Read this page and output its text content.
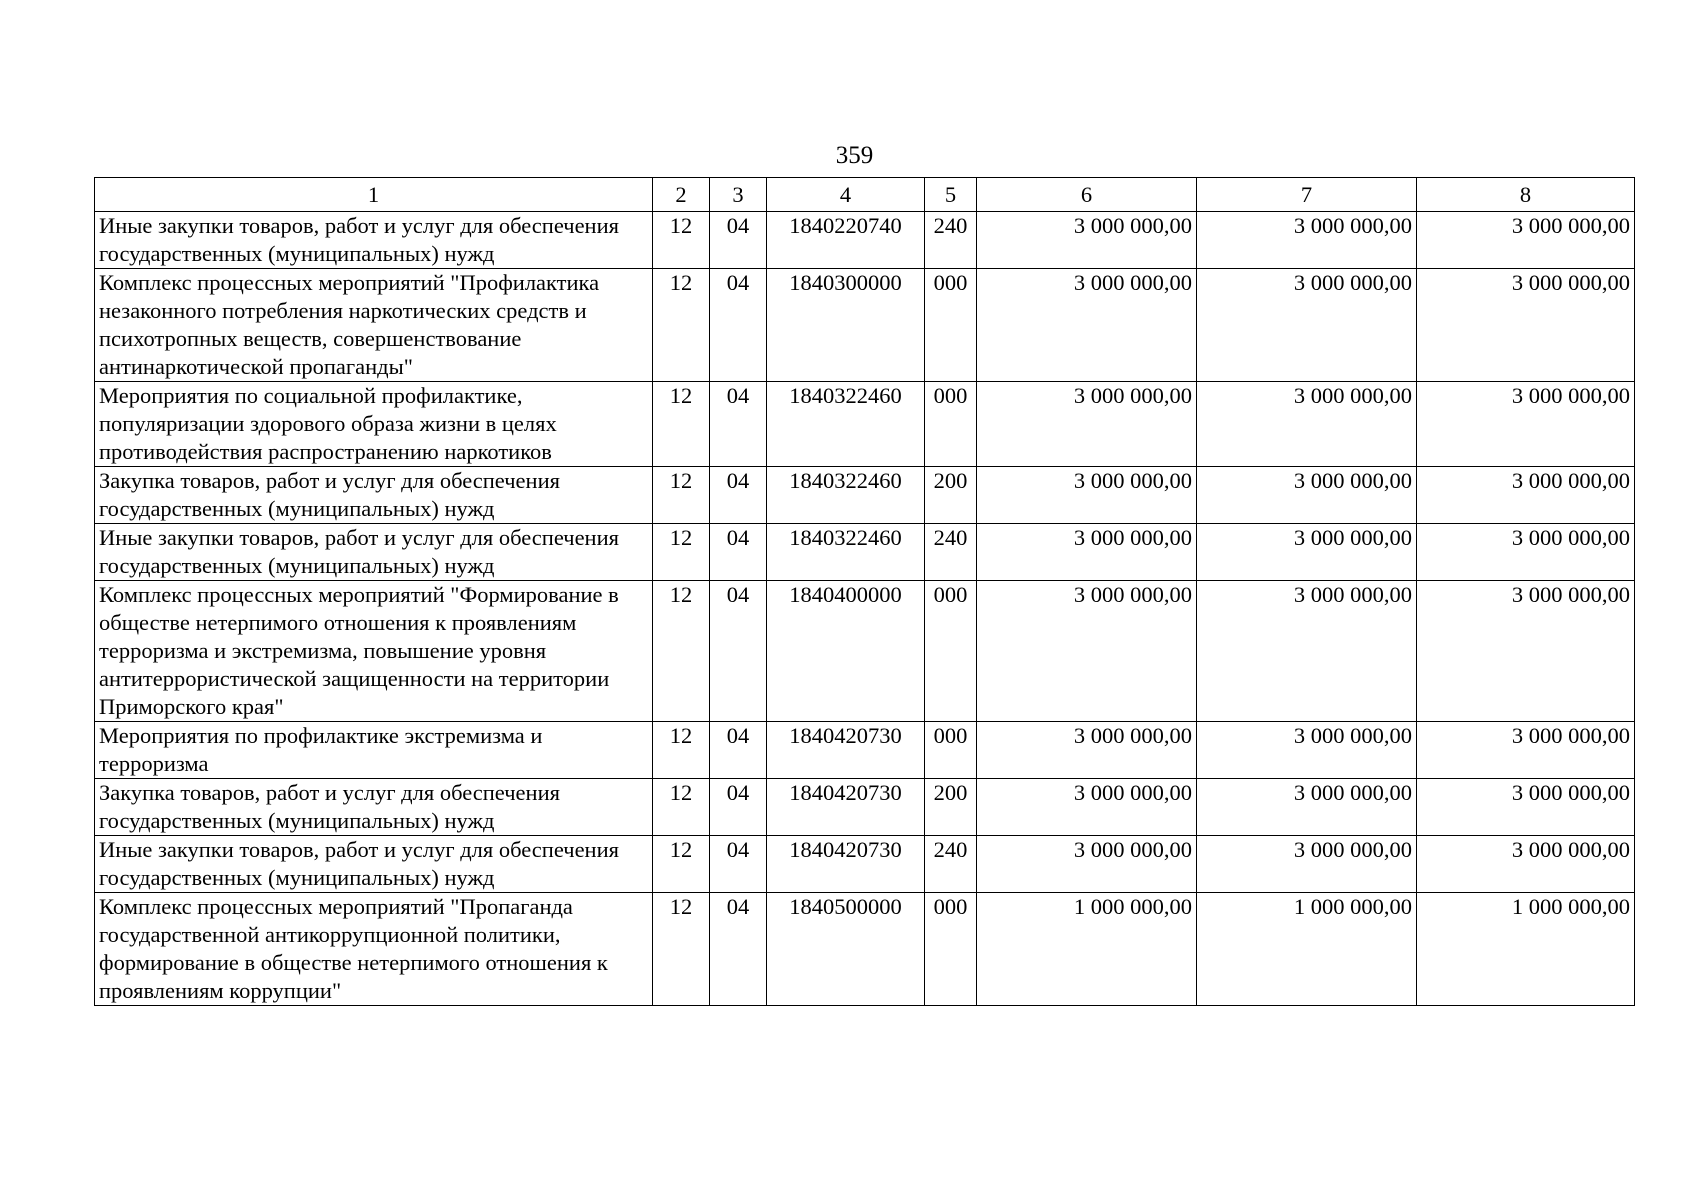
359
1	2	3	4	5	6	7	8
Иные закупки товаров, работ и услуг для обеспечения государственных (муниципальных) нужд	12	04	1840220740	240	3 000 000,00	3 000 000,00	3 000 000,00
Комплекс процессных мероприятий "Профилактика незаконного потребления наркотических средств и психотропных веществ, совершенствование антинаркотической пропаганды"	12	04	1840300000	000	3 000 000,00	3 000 000,00	3 000 000,00
Мероприятия по социальной профилактике, популяризации здорового образа жизни в целях противодействия распространению наркотиков	12	04	1840322460	000	3 000 000,00	3 000 000,00	3 000 000,00
Закупка товаров, работ и услуг для обеспечения государственных (муниципальных) нужд	12	04	1840322460	200	3 000 000,00	3 000 000,00	3 000 000,00
Иные закупки товаров, работ и услуг для обеспечения государственных (муниципальных) нужд	12	04	1840322460	240	3 000 000,00	3 000 000,00	3 000 000,00
Комплекс процессных мероприятий "Формирование в обществе нетерпимого отношения к проявлениям терроризма и экстремизма, повышение уровня антитеррористической защищенности на территории Приморского края"	12	04	1840400000	000	3 000 000,00	3 000 000,00	3 000 000,00
Мероприятия по профилактике экстремизма и терроризма	12	04	1840420730	000	3 000 000,00	3 000 000,00	3 000 000,00
Закупка товаров, работ и услуг для обеспечения государственных (муниципальных) нужд	12	04	1840420730	200	3 000 000,00	3 000 000,00	3 000 000,00
Иные закупки товаров, работ и услуг для обеспечения государственных (муниципальных) нужд	12	04	1840420730	240	3 000 000,00	3 000 000,00	3 000 000,00
Комплекс процессных мероприятий "Пропаганда государственной антикоррупционной политики, формирование в обществе нетерпимого отношения к проявлениям коррупции"	12	04	1840500000	000	1 000 000,00	1 000 000,00	1 000 000,00
